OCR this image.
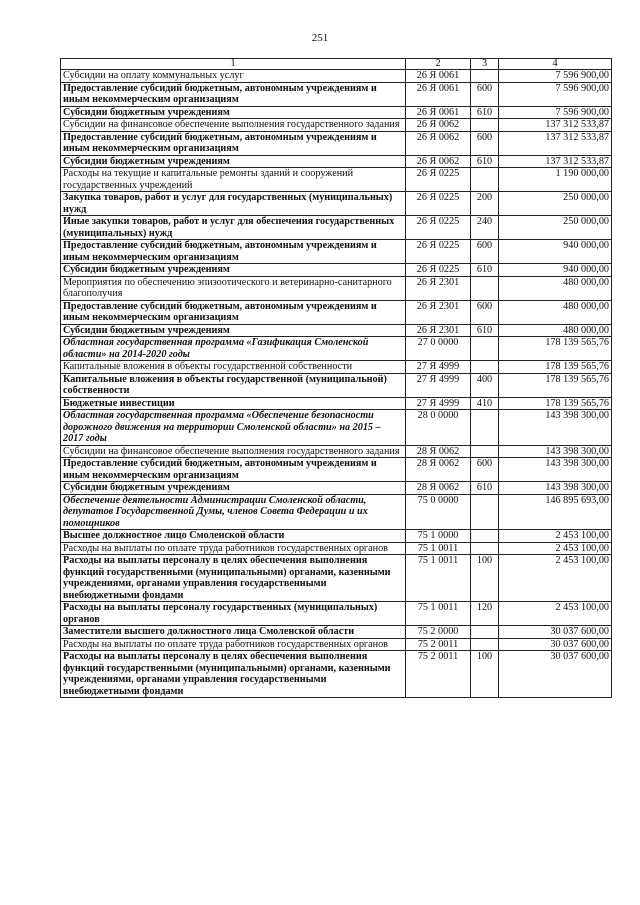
251
1	2	3	4
Субсидии на оплату коммунальных услуг	26 Я 0061		7 596 900,00
Предоставление субсидий бюджетным, автономным учреждениям и иным некоммерческим организациям	26 Я 0061	600	7 596 900,00
Субсидии бюджетным учреждениям	26 Я 0061	610	7 596 900,00
Субсидии на финансовое обеспечение выполнения государственного задания	26 Я 0062		137 312 533,87
Предоставление субсидий бюджетным, автономным учреждениям и иным некоммерческим организациям	26 Я 0062	600	137 312 533,87
Субсидии бюджетным учреждениям	26 Я 0062	610	137 312 533,87
Расходы на текущие и капитальные ремонты зданий и сооружений государственных учреждений	26 Я 0225		1 190 000,00
Закупка товаров, работ и услуг для государственных (муниципальных) нужд	26 Я 0225	200	250 000,00
Иные закупки товаров, работ и услуг для обеспечения государственных (муниципальных) нужд	26 Я 0225	240	250 000,00
Предоставление субсидий бюджетным, автономным учреждениям и иным некоммерческим организациям	26 Я 0225	600	940 000,00
Субсидии бюджетным учреждениям	26 Я 0225	610	940 000,00
Мероприятия по обеспечению эпизоотического и ветеринарно-санитарного благополучия	26 Я 2301		480 000,00
Предоставление субсидий бюджетным, автономным учреждениям и иным некоммерческим организациям	26 Я 2301	600	480 000,00
Субсидии бюджетным учреждениям	26 Я 2301	610	480 000,00
Областная государственная программа «Газификация Смоленской области» на 2014-2020 годы	27 0 0000		178 139 565,76
Капитальные вложения в объекты государственной собственности	27 Я 4999		178 139 565,76
Капитальные вложения в объекты государственной (муниципальной) собственности	27 Я 4999	400	178 139 565,76
Бюджетные инвестиции	27 Я 4999	410	178 139 565,76
Областная государственная программа «Обеспечение безопасности дорожного движения на территории Смоленской области» на 2015 – 2017 годы	28 0 0000		143 398 300,00
Субсидии на финансовое обеспечение выполнения государственного задания	28 Я 0062		143 398 300,00
Предоставление субсидий бюджетным, автономным учреждениям и иным некоммерческим организациям	28 Я 0062	600	143 398 300,00
Субсидии бюджетным учреждениям	28 Я 0062	610	143 398 300,00
Обеспечение деятельности Администрации Смоленской области, депутатов Государственной Думы, членов Совета Федерации и их помощников	75 0 0000		146 895 693,00
Высшее должностное лицо Смоленской области	75 1 0000		2 453 100,00
Расходы на выплаты по оплате труда работников государственных органов	75 1 0011		2 453 100,00
Расходы на выплаты персоналу в целях обеспечения выполнения функций государственными (муниципальными) органами, казенными учреждениями, органами управления государственными внебюджетными фондами	75 1 0011	100	2 453 100,00
Расходы на выплаты персоналу государственных (муниципальных) органов	75 1 0011	120	2 453 100,00
Заместители высшего должностного лица Смоленской области	75 2 0000		30 037 600,00
Расходы на выплаты по оплате труда работников государственных органов	75 2 0011		30 037 600,00
Расходы на выплаты персоналу в целях обеспечения выполнения функций государственными (муниципальными) органами, казенными учреждениями, органами управления государственными внебюджетными фондами	75 2 0011	100	30 037 600,00
